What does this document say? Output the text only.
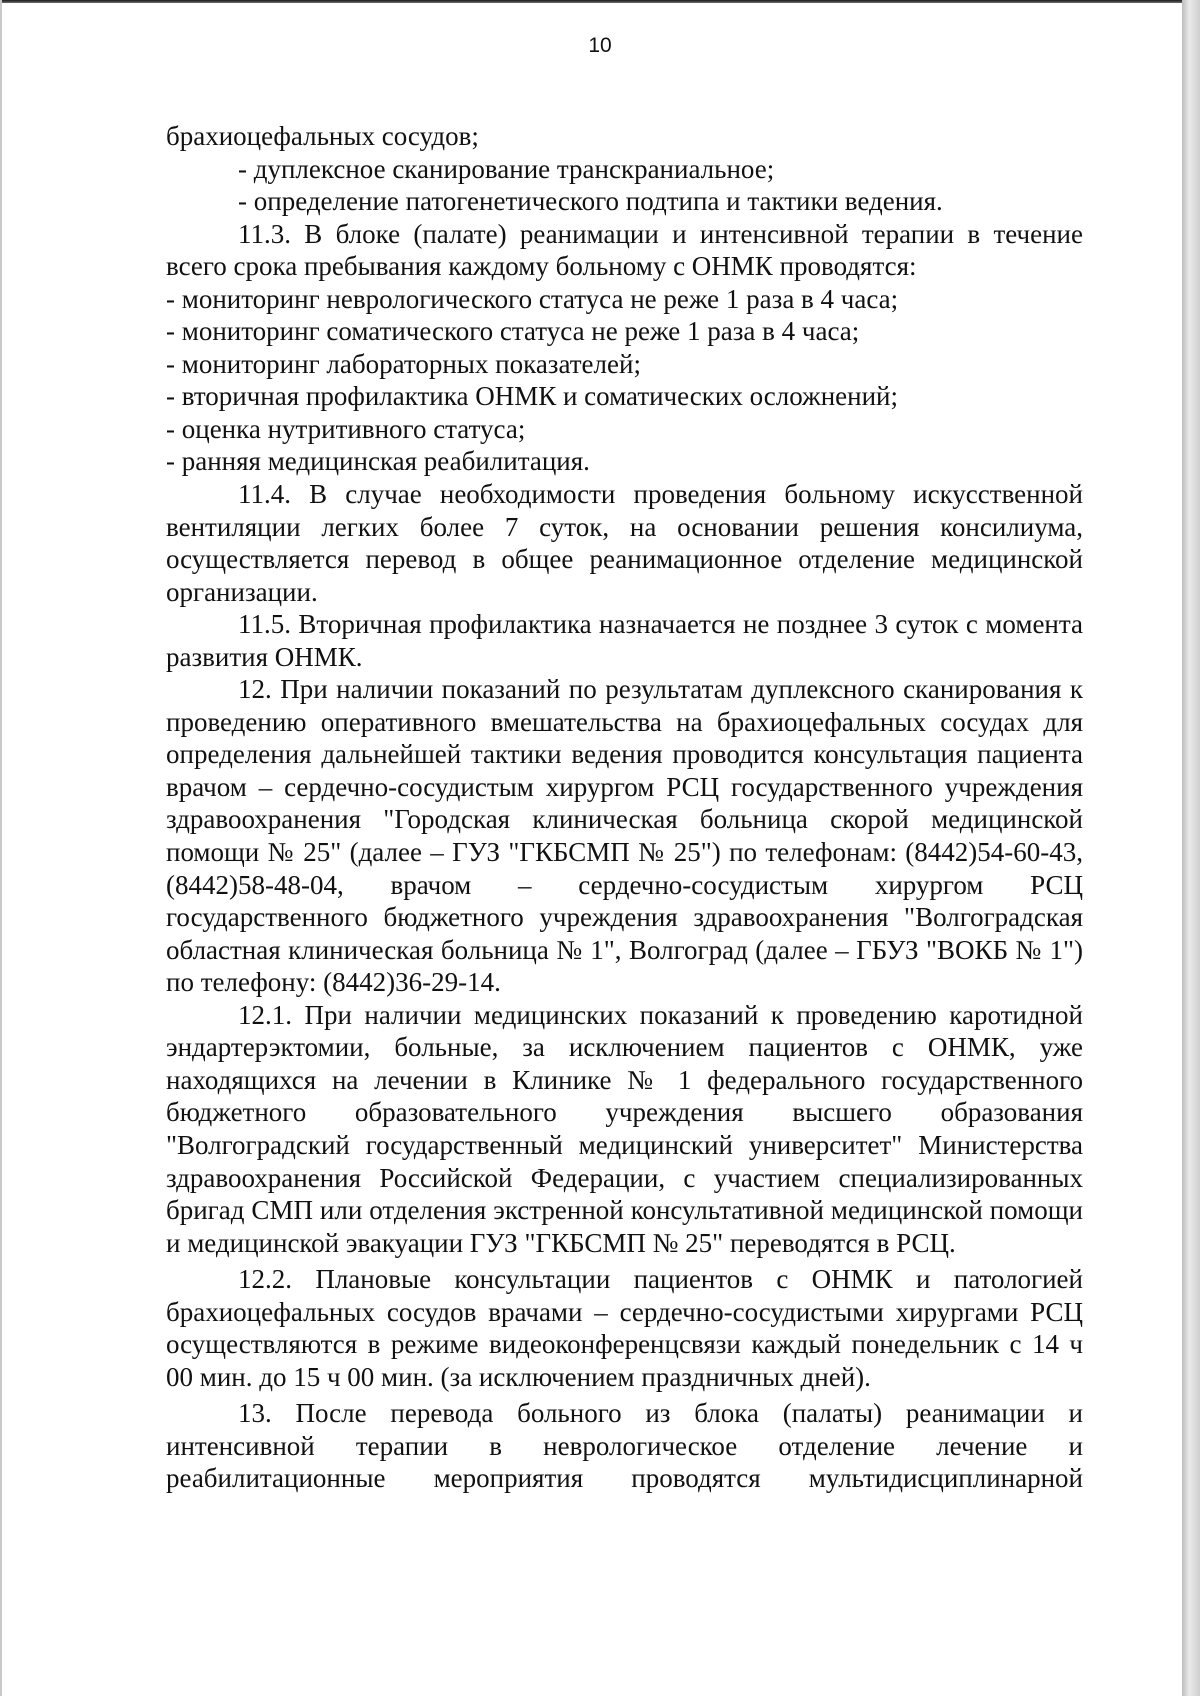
10

брахиоцефальных сосудов;

- дуплексное сканирование транскраниальное;

- определение патогенетического подтипа и тактики ведения.

11.3. В блоке (палате) реанимации и интенсивной терапии в течение всего срока пребывания каждому больному с ОНМК проводятся:

- мониторинг неврологического статуса не реже 1 раза в 4 часа;

- мониторинг соматического статуса не реже 1 раза в 4 часа;

- мониторинг лабораторных показателей;

- вторичная профилактика ОНМК и соматических осложнений;

- оценка нутритивного статуса;

- ранняя медицинская реабилитация.

11.4. В случае необходимости проведения больному искусственной вентиляции легких более 7 суток, на основании решения консилиума, осуществляется перевод в общее реанимационное отделение медицинской организации.

11.5. Вторичная профилактика назначается не позднее 3 суток с момента развития ОНМК.

12. При наличии показаний по результатам дуплексного сканирования к проведению оперативного вмешательства на брахиоцефальных сосудах для определения дальнейшей тактики ведения проводится консультация пациента врачом – сердечно-сосудистым хирургом РСЦ государственного учреждения здравоохранения "Городская клиническая больница скорой медицинской помощи № 25" (далее – ГУЗ "ГКБСМП № 25") по телефонам: (8442)54-60-43, (8442)58-48-04, врачом – сердечно-сосудистым хирургом РСЦ государственного бюджетного учреждения здравоохранения "Волгоградская областная клиническая больница № 1", Волгоград (далее – ГБУЗ "ВОКБ № 1") по телефону: (8442)36-29-14.

12.1. При наличии медицинских показаний к проведению каротидной эндартерэктомии, больные, за исключением пациентов с ОНМК, уже находящихся на лечении в Клинике № 1 федерального государственного бюджетного образовательного учреждения высшего образования "Волгоградский государственный медицинский университет" Министерства здравоохранения Российской Федерации, с участием специализированных бригад СМП или отделения экстренной консультативной медицинской помощи и медицинской эвакуации ГУЗ "ГКБСМП № 25" переводятся в РСЦ.

12.2. Плановые консультации пациентов с ОНМК и патологией брахиоцефальных сосудов врачами – сердечно-сосудистыми хирургами РСЦ осуществляются в режиме видеоконференцсвязи каждый понедельник с 14 ч 00 мин. до 15 ч 00 мин. (за исключением праздничных дней).

13. После перевода больного из блока (палаты) реанимации и интенсивной терапии в неврологическое отделение лечение и реабилитационные мероприятия проводятся мультидисциплинарной
